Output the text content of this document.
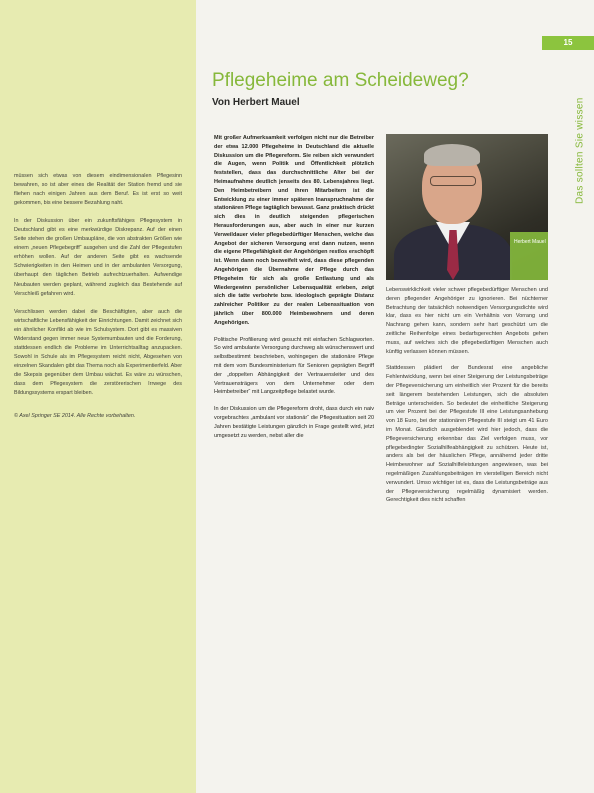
müssen sich etwas von diesem eindimensionalen Pflegesinn bewahren, so ist aber eines die Realität der Station fremd und sie fliehen nach einigen Jahren aus dem Beruf. Es ist erst so weit gekommen, bis eine bessere Bezahlung naht.

In der Diskussion über ein zukunftsfähiges Pflegesystem in Deutschland gibt es eine merkwürdige Diskrepanz. Auf der einen Seite stehen die großen Umbaupläne, die von abstrakten Größen wie einem „neuen Pflegebegriff“ ausgehen und die Zahl der Pflegestufen erhöhen wollen. Auf der anderen Seite gibt es wachsende Schwierigkeiten in den Heimen und in der ambulanten Versorgung, überhaupt den täglichen Betrieb aufrechtzuerhalten. Aufwendige Neubauten werden geplant, während zugleich das Bestehende auf Verschleiß gefahren wird.

Verschlissen werden dabei die Beschäftigten, aber auch die wirtschaftliche Lebensfähigkeit der Einrichtungen. Damit zeichnet sich ein ähnlicher Konflikt ab wie im Schulsystem. Dort gibt es massiven Widerstand gegen immer neue Systemumbauten und die Forderung, stattdessen endlich die Probleme im Unterrichtsalltag anzupacken. Sowohl in Schule als im Pflegesystem reicht nicht, Abgesehen von einzelnen Skandalen gibt das Thema noch als Experimentierfeld. Aber die Skepsis gegenüber dem Umbau wächst. Es wäre zu wünschen, dass dem Pflegesystem die zerstörerischen Irrwege des Bildungssystems erspart bleiben.

© Axel Springer SE 2014. Alle Rechte vorbehalten.

15
Das sollten Sie wissen
Pflegeheime am Scheideweg?
Von Herbert Mauel

Mit großer Aufmerksamkeit verfolgen nicht nur die Betreiber der etwa 12.000 Pflegeheime in Deutschland die aktuelle Diskussion um die Pflegereform. Sie reiben sich verwundert die Augen, wenn Politik und Öffentlichkeit plötzlich feststellen, dass das durchschnittliche Alter bei der Heimaufnahme deutlich jenseits des 80. Lebensjahres liegt. Den Heimbetreibern und ihren Mitarbeitern ist die Entwicklung zu einer immer späteren Inanspruchnahme der stationären Pflege tagtäglich bewusst. Ganz praktisch drückt sich dies in deutlich steigenden pflegerischen Herausforderungen aus, aber auch in einer nur kurzen Verweildauer vieler pflegebedürftiger Menschen, welche das Angebot der sicheren Versorgung erst dann nutzen, wenn die eigene Pflegefähigkeit der Angehörigen restlos erschöpft ist. Wenn dann noch bezweifelt wird, dass diese pflegenden Angehörigen die Übernahme der Pflege durch das Pflegeheim für sich als große Entlastung und als Wiedergewinn persönlicher Lebensqualität erleben, zeigt sich die tatte verbohrte bzw. ideologisch geprägte Distanz zahlreicher Politiker zu der realen Lebenssituation von jährlich über 800.000 Heimbewohnern und deren Angehörigen.

Politische Profilierung wird gesucht mit einfachen Schlagworten. So wird ambulante Versorgung durchweg als wünschenswert und selbstbestimmt beschrieben, wohingegen die stationäre Pflege mit dem vom Bundesministerium für Senioren geprägten Begriff der „doppelten Abhängigkeit der Vertrauensleiter und des Vertrauensträgers von dem Unternehmer oder dem Heimbetreiber“ mit Langzeitpflege belastet wurde.

In der Diskussion um die Pflegereform droht, dass durch ein naiv vorgebrachtes „ambulant vor stationär“ die Pflegesituation seit 20 Jahren bestätigte Leistungen gänzlich in Frage gestellt wird, jetzt umgesetzt zu werden, nebst aller die

Herbert Mauel

Lebenswirklichkeit vieler schwer pflegebedürftiger Menschen und deren pflegender Angehöriger zu ignorieren. Bei nüchterner Betrachtung der tatsächlich notwendigen Versorgungsdichte wird klar, dass es hier nicht um ein Verhältnis von Vorrang und Nachrang gehen kann, sondern sehr hart geschützt um die zeitliche Reihenfolge eines bedarfsgerechten Angebots gehen muss, auf welches sich die pflegebedürftigen Menschen auch künftig verlassen können müssen.

Stattdessen plädiert der Bundesrat eine angebliche Fehlentwicklung, wenn bei einer Steigerung der Leistungsbeträge der Pflegeversicherung um einheitlich vier Prozent für die bereits seit längerem bestehenden Leistungen, sich die absoluten Beträge unterscheiden. So bedeutet die einheitliche Steigerung um vier Prozent bei der Pflegestufe III eine Leistungsanhebung von 18 Euro, bei der stationären Pflegestufe III steigt um 41 Euro im Monat. Gänzlich ausgeblendet wird hier jedoch, dass die Pflegeversicherung erkennbar das Ziel verfolgen muss, vor pflegebedingter Sozialhilfeabhängigkeit zu schützen. Heute ist, anders als bei der häuslichen Pflege, annähernd jeder dritte Heimbewohner auf Sozialhilfeleistungen angewiesen, was bei regelmäßigen Zuzahlungsbeiträgen im vierstelligen Bereich nicht verwundert. Umso wichtiger ist es, dass die Leistungsbeträge aus der Pflegeversicherung regelmäßig dynamisiert werden. Gerechtigkeit dies nicht schaffen
